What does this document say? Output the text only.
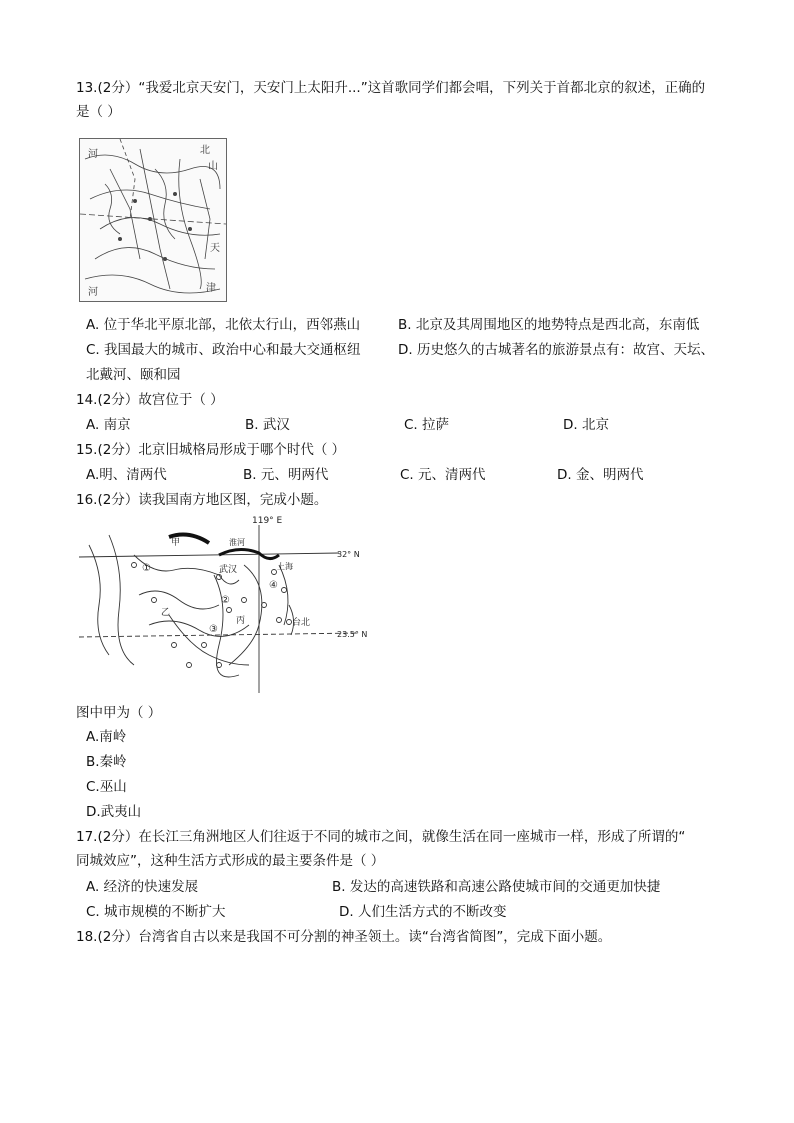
13.(2分）“我爱北京天安门，天安门上太阳升...”这首歌同学们都会唱，下列关于首都北京的叙述，正确的
是（ ）
河	北
山
天
津
河
A. 位于华北平原北部，北依太行山，西邻燕山	B. 北京及其周围地区的地势特点是西北高，东南低
C. 我国最大的城市、政治中心和最大交通枢纽	D. 历史悠久的古城著名的旅游景点有：故宫、天坛、
北戴河、颐和园
14.(2分）故宫位于（ ）
A. 南京	B. 武汉	C. 拉萨	D. 北京
15.(2分）北京旧城格局形成于哪个时代（ ）
A.明、清两代	B. 元、明两代	C. 元、清两代	D. 金、明两代
16.(2分）读我国南方地区图，完成小题。
119° E
甲	淮河
32° N
武汉	上海
①
②
③
④
乙
丙	台北
23.5° N
图中甲为（ ）
A.南岭
B.秦岭
C.巫山
D.武夷山
17.(2分）在长江三角洲地区人们往返于不同的城市之间，就像生活在同一座城市一样，形成了所谓的“
同城效应”，这种生活方式形成的最主要条件是（ ）
A. 经济的快速发展	B. 发达的高速铁路和高速公路使城市间的交通更加快捷
C. 城市规模的不断扩大	D. 人们生活方式的不断改变
18.(2分）台湾省自古以来是我国不可分割的神圣领土。读“台湾省简图”，完成下面小题。
